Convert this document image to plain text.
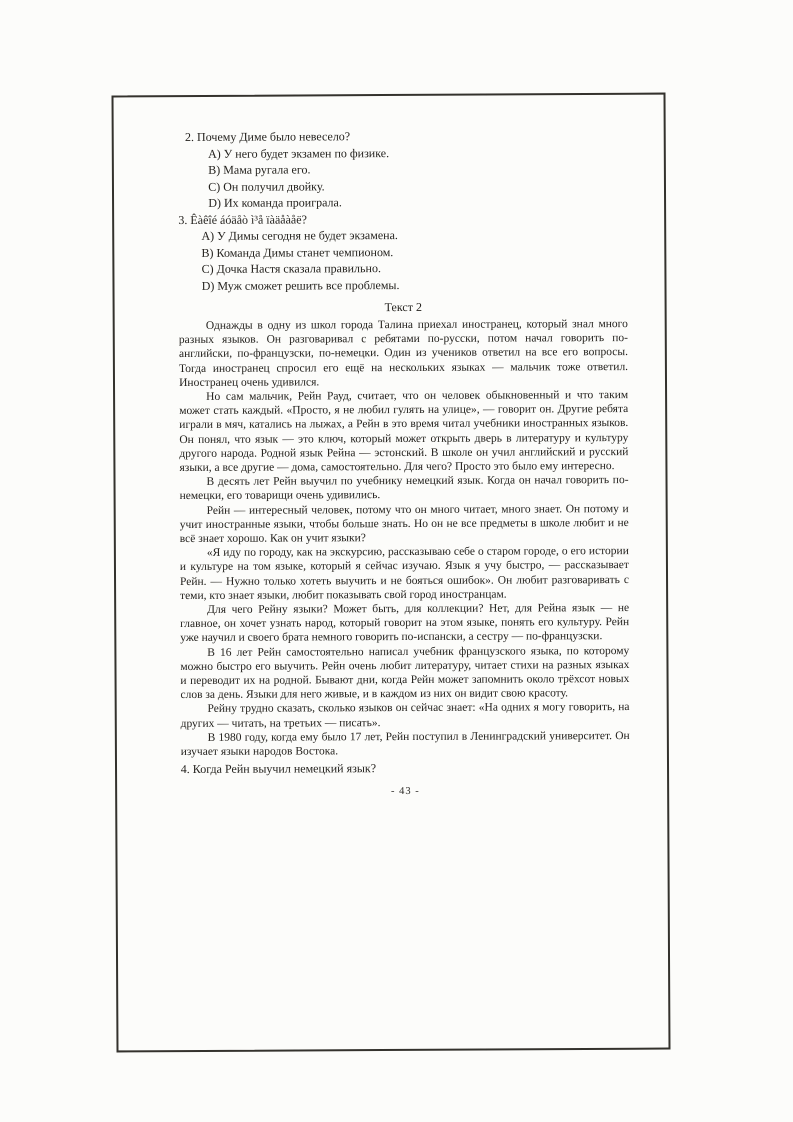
2. Почему Диме было невесело?
A) У него будет экзамен по физике.
B) Мама ругала его.
C) Он получил двойку.
D) Их команда проиграла.
3. Êàêîé áóäåò ì³å ïàäåàåё?
A) У Димы сегодня не будет экзамена.
B) Команда Димы станет чемпионом.
C) Дочка Настя сказала правильно.
D) Муж сможет решить все проблемы.
Текст 2

Однажды в одну из школ города Талина приехал иностранец, который знал много разных языков. Он разговаривал с ребятами по-русски, потом начал говорить по-английски, по-французски, по-немецки. Один из учеников ответил на все его вопросы. Тогда иностранец спросил его ещё на нескольких языках — мальчик тоже ответил. Иностранец очень удивился.

Но сам мальчик, Рейн Рауд, считает, что он человек обыкновенный и что таким может стать каждый. «Просто, я не любил гулять на улице», — говорит он. Другие ребята играли в мяч, катались на лыжах, а Рейн в это время читал учебники иностранных языков. Он понял, что язык — это ключ, который может открыть дверь в литературу и культуру другого народа. Родной язык Рейна — эстонский. В школе он учил английский и русский языки, а все другие — дома, самостоятельно. Для чего? Просто это было ему интересно.

В десять лет Рейн выучил по учебнику немецкий язык. Когда он начал говорить по-немецки, его товарищи очень удивились.

Рейн — интересный человек, потому что он много читает, много знает. Он потому и учит иностранные языки, чтобы больше знать. Но он не все предметы в школе любит и не всё знает хорошо. Как он учит языки?

«Я иду по городу, как на экскурсию, рассказываю себе о старом городе, о его истории и культуре на том языке, который я сейчас изучаю. Язык я учу быстро, — рассказывает Рейн. — Нужно только хотеть выучить и не бояться ошибок». Он любит разговаривать с теми, кто знает языки, любит показывать свой город иностранцам.

Для чего Рейну языки? Может быть, для коллекции? Нет, для Рейна язык — не главное, он хочет узнать народ, который говорит на этом языке, понять его культуру. Рейн уже научил и своего брата немного говорить по-испански, а сестру — по-французски.

В 16 лет Рейн самостоятельно написал учебник французского языка, по которому можно быстро его выучить. Рейн очень любит литературу, читает стихи на разных языках и переводит их на родной. Бывают дни, когда Рейн может запомнить около трёхсот новых слов за день. Языки для него живые, и в каждом из них он видит свою красоту.

Рейну трудно сказать, сколько языков он сейчас знает: «На одних я могу говорить, на других — читать, на третьих — писать».

В 1980 году, когда ему было 17 лет, Рейн поступил в Ленинградский университет. Он изучает языки народов Востока.

4. Когда Рейн выучил немецкий язык?
- 43 -
